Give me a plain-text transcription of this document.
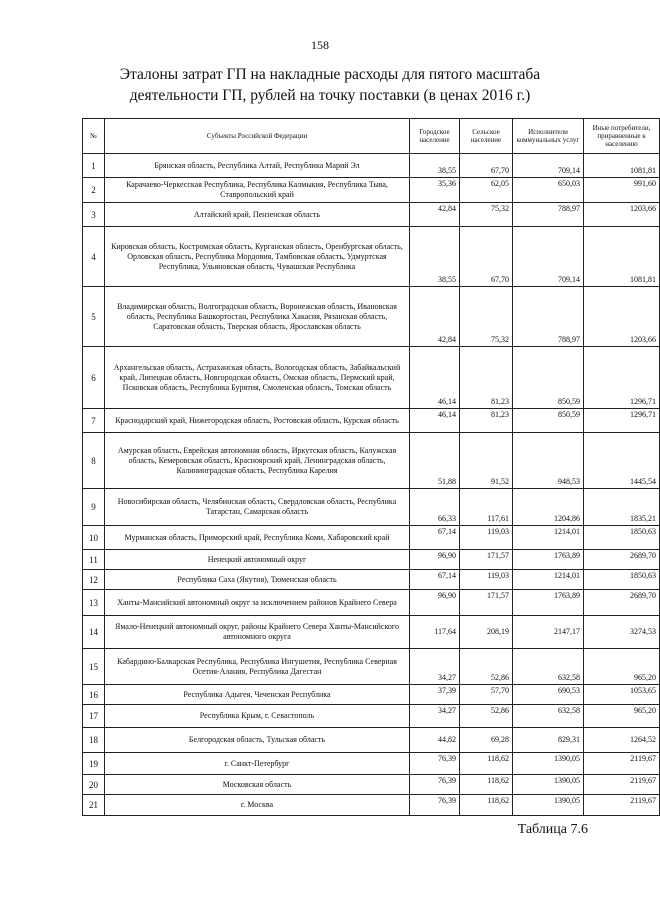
158
Эталоны затрат ГП на накладные расходы для пятого масштаба деятельности ГП, рублей на точку поставки (в ценах 2016 г.)
№	Субъекты Российской Федерации	Городское население	Сельское население	Исполнители коммунальных услуг	Иные потребители, приравненные к населению
1	Брянская область, Республика Алтай, Республика Марий Эл	38,55	67,70	709,14	1081,81
2	Карачаево-Черкесская Республика, Республика Калмыкия, Республика Тыва, Ставропольский край	35,36	62,05	650,03	991,60
3	Алтайский край, Пензенская область	42,84	75,32	788,97	1203,66
4	Кировская область, Костромская область, Курганская область, Оренбургская область, Орловская область, Республика Мордовия, Тамбовская область, Удмуртская Республика, Ульяновская область, Чувашская Республика	38,55	67,70	709,14	1081,81
5	Владимирская область, Волгоградская область, Воронежская область, Ивановская область, Республика Башкортостан, Республика Хакасия, Рязанская область, Саратовская область, Тверская область, Ярославская область	42,84	75,32	788,97	1203,66
6	Архангельская область, Астраханская область, Вологодская область, Забайкальский край, Липецкая область, Новгородская область, Омская область, Пермский край, Псковская область, Республика Бурятия, Смоленская область, Томская область	46,14	81,23	850,59	1296,71
7	Краснодарский край, Нижегородская область, Ростовская область, Курская область	46,14	81,23	850,59	1296,71
8	Амурская область, Еврейская автономная область, Иркутская область, Калужская область, Кемеровская область, Красноярский край, Ленинградская область, Калининградская область, Республика Карелия	51,88	91,52	948,53	1445,54
9	Новосибирская область, Челябинская область, Свердловская область, Республика Татарстан, Самарская область	66,33	117,61	1204,86	1835,21
10	Мурманская область, Приморский край, Республика Коми, Хабаровский край	67,14	119,03	1214,01	1850,63
11	Ненецкий автономный округ	96,90	171,57	1763,89	2689,70
12	Республика Саха (Якутия), Тюменская область	67,14	119,03	1214,01	1850,63
13	Ханты-Мансийский автономный округ за исключением районов Крайнего Севера	96,90	171,57	1763,89	2689,70
14	Ямало-Ненецкий автономный округ, районы Крайнего Севера Ханты-Мансийского автономного округа	117,64	208,19	2147,17	3274,53
15	Кабардино-Балкарская Республика, Республика Ингушетия, Республика Северная Осетия-Алания, Республика Дагестан	34,27	52,86	632,58	965,20
16	Республика Адыгея, Чеченская Республика	37,39	57,70	690,53	1053,65
17	Республика Крым, г. Севастополь	34,27	52,86	632,58	965,20
18	Белгородская область, Тульская область	44,82	69,28	829,31	1264,52
19	г. Санкт-Петербург	76,39	118,62	1390,05	2119,67
20	Московская область	76,39	118,62	1390,05	2119,67
21	г. Москва	76,39	118,62	1390,05	2119,67
Таблица 7.6
